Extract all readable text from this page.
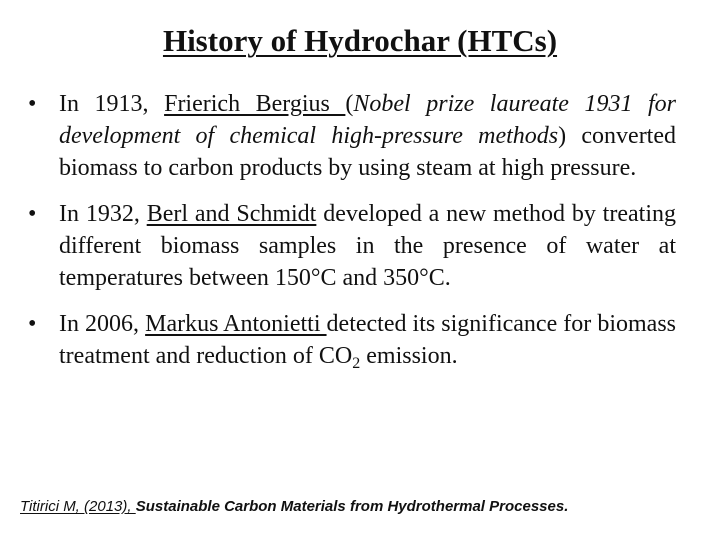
History of Hydrochar (HTCs)
• In 1913, Frierich Bergius (Nobel prize laureate 1931 for development of chemical high-pressure methods) converted biomass to carbon products by using steam at high pressure.
• In 1932, Berl and Schmidt developed a new method by treating different biomass samples in the presence of water at temperatures between 150°C and 350°C.
• In 2006, Markus Antonietti detected its significance for biomass treatment and reduction of $CO_2$ emission.
Titirici M, (2013), Sustainable Carbon Materials from Hydrothermal Processes.
